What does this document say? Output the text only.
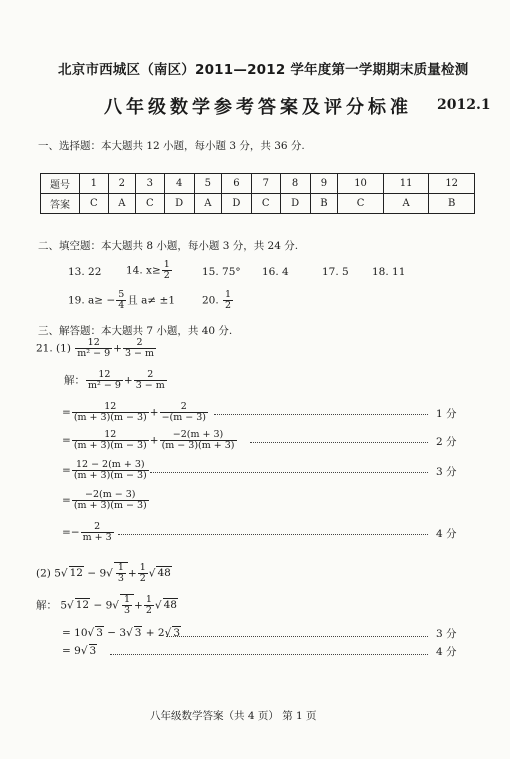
北京市西城区（南区）2011—2012 学年度第一学期期末质量检测
八年级数学参考答案及评分标准 2012.1
一、选择题：本大题共 12 小题，每小题 3 分，共 36 分.
题号	1	2	3	4	5	6	7	8	9	10	11	12
答案	C	A	C	D	A	D	C	D	B	C	A	B
二、填空题：本大题共 8 小题，每小题 3 分，共 24 分.
13. 22 14. $x\ge \frac{1}{2}$	15. 75° 16. 4	17. 5 18. 11
19. $a\ge - \frac{5}{4}$ 且 a≠ ±1	20. $\frac{1}{2}$
三、解答题：本大题共 7 小题，共 40 分.
21. $(1) \frac{12}{\text{m² − 9}} + \frac{2}{3 - m}$
解： $\frac{12}{\text{m² − 9}} + \frac{2}{3 - m}$
= $\frac{12}{(m + 3)(m - 3)} + \frac{2}{-(m - 3)}$	1 分
= $\frac{12}{(m + 3)(m - 3)} + \frac{-2(m + 3)}{(m - 3)(m + 3)}$	2 分
= $\frac{12 - 2(m + 3)}{(m + 3)(m - 3)}$	3 分
= $\frac{-2(m - 3)}{(m + 3)(m - 3)}$
=− $\frac{2}{m + 3}$	4 分
(2) 5√ $12 - 9√ \frac{1}{3} + \frac{1}{2}$ √ 48
解： 5√ $12 - 9√ \frac{1}{3} + \frac{1}{2}$ √ 48
= 10√ 3 − 3√ 3 + 2√ 3	3 分
= 9√ 3	4 分
八年级数学答案（共 4 页） 第 1 页
